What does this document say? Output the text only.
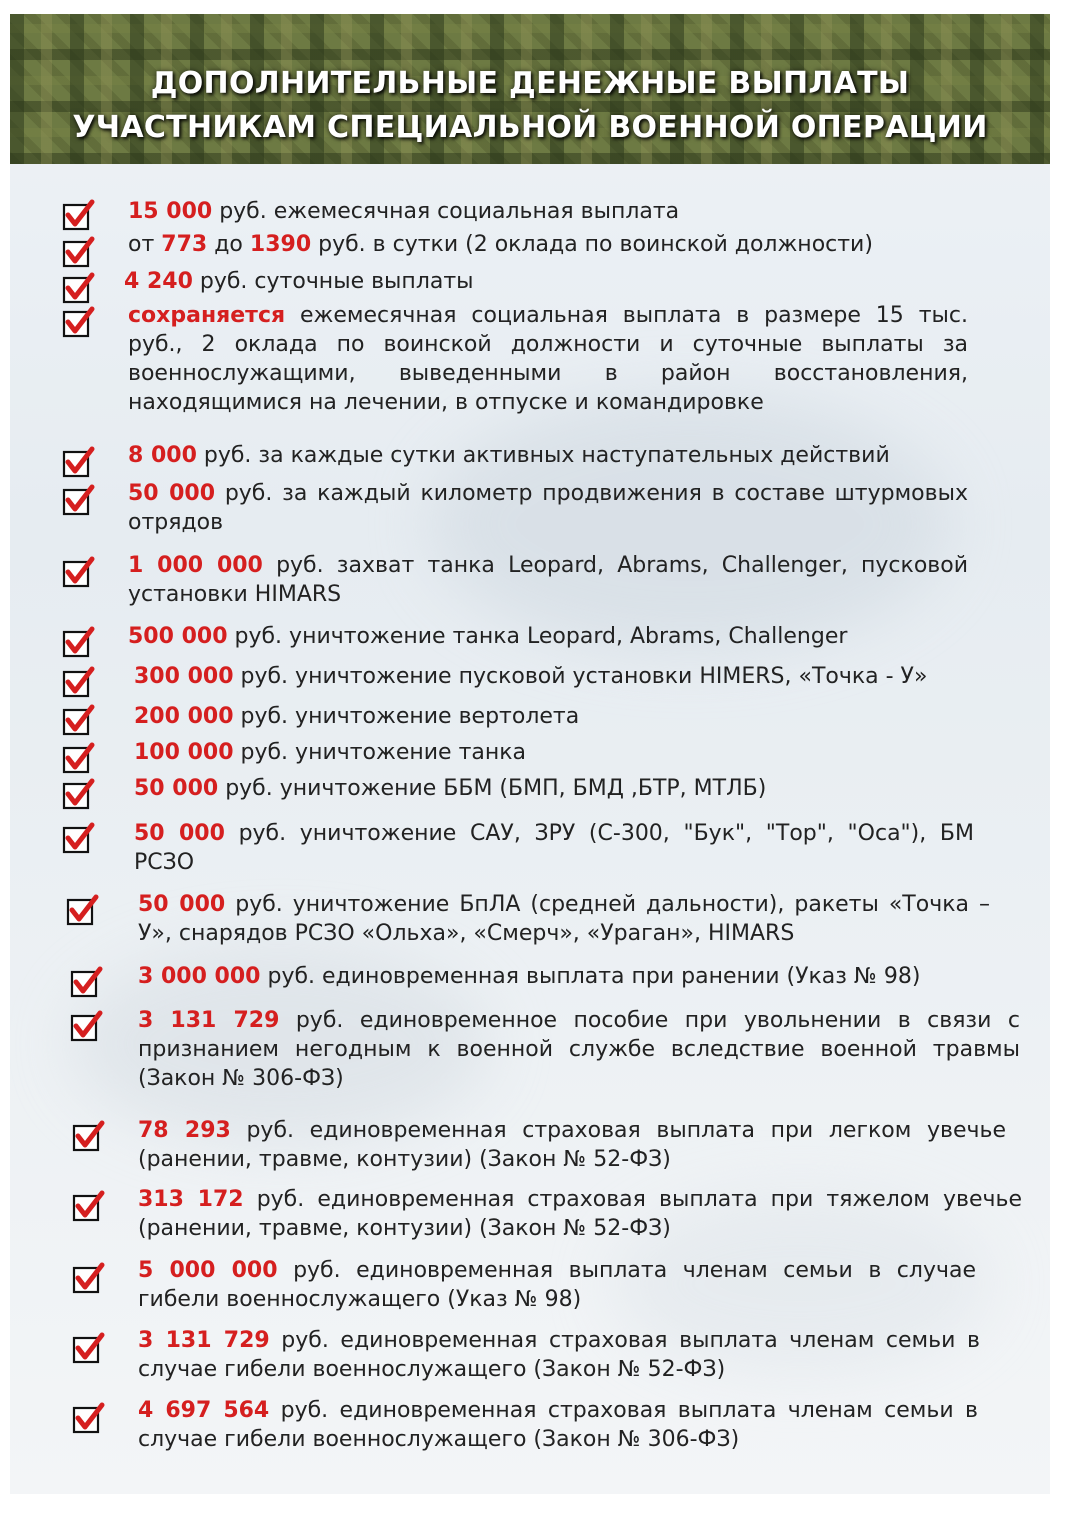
ДОПОЛНИТЕЛЬНЫЕ ДЕНЕЖНЫЕ ВЫПЛАТЫ
УЧАСТНИКАМ СПЕЦИАЛЬНОЙ ВОЕННОЙ ОПЕРАЦИИ
15 000 руб. ежемесячная социальная выплата
от 773 до 1390 руб. в сутки (2 оклада по воинской должности)
4 240 руб. суточные выплаты
сохраняется ежемесячная социальная выплата в размере 15 тыс. руб., 2 оклада по воинской должности и суточные выплаты за военнослужащими, выведенными в район восстановления, находящимися на лечении, в отпуске и командировке
8 000 руб. за каждые сутки активных наступательных действий
50 000 руб. за каждый километр продвижения в составе штурмовых отрядов
1 000 000 руб. захват танка Leopard, Abrams, Challenger, пусковой установки HIMARS
500 000 руб. уничтожение танка Leopard, Abrams, Challenger
300 000 руб. уничтожение пусковой установки HIMERS, «Точка - У»
200 000 руб. уничтожение вертолета
100 000 руб. уничтожение танка
50 000 руб. уничтожение ББМ (БМП, БМД ,БТР, МТЛБ)
50 000 руб. уничтожение САУ, ЗРУ (С-300, "Бук", "Тор", "Оса"), БМ РСЗО
50 000 руб. уничтожение БпЛА (средней дальности), ракеты «Точка – У», снарядов РСЗО «Ольха», «Смерч», «Ураган», HIMARS
3 000 000 руб. единовременная выплата при ранении (Указ № 98)
3 131 729 руб. единовременное пособие при увольнении в связи с признанием негодным к военной службе вследствие военной травмы (Закон № 306-ФЗ)
78 293 руб. единовременная страховая выплата при легком увечье (ранении, травме, контузии) (Закон № 52-ФЗ)
313 172 руб. единовременная страховая выплата при тяжелом увечье (ранении, травме, контузии) (Закон № 52-ФЗ)
5 000 000 руб. единовременная выплата членам семьи в случае гибели военнослужащего (Указ № 98)
3 131 729 руб. единовременная страховая выплата членам семьи в случае гибели военнослужащего (Закон № 52-ФЗ)
4 697 564 руб. единовременная страховая выплата членам семьи в случае гибели военнослужащего (Закон № 306-ФЗ)
